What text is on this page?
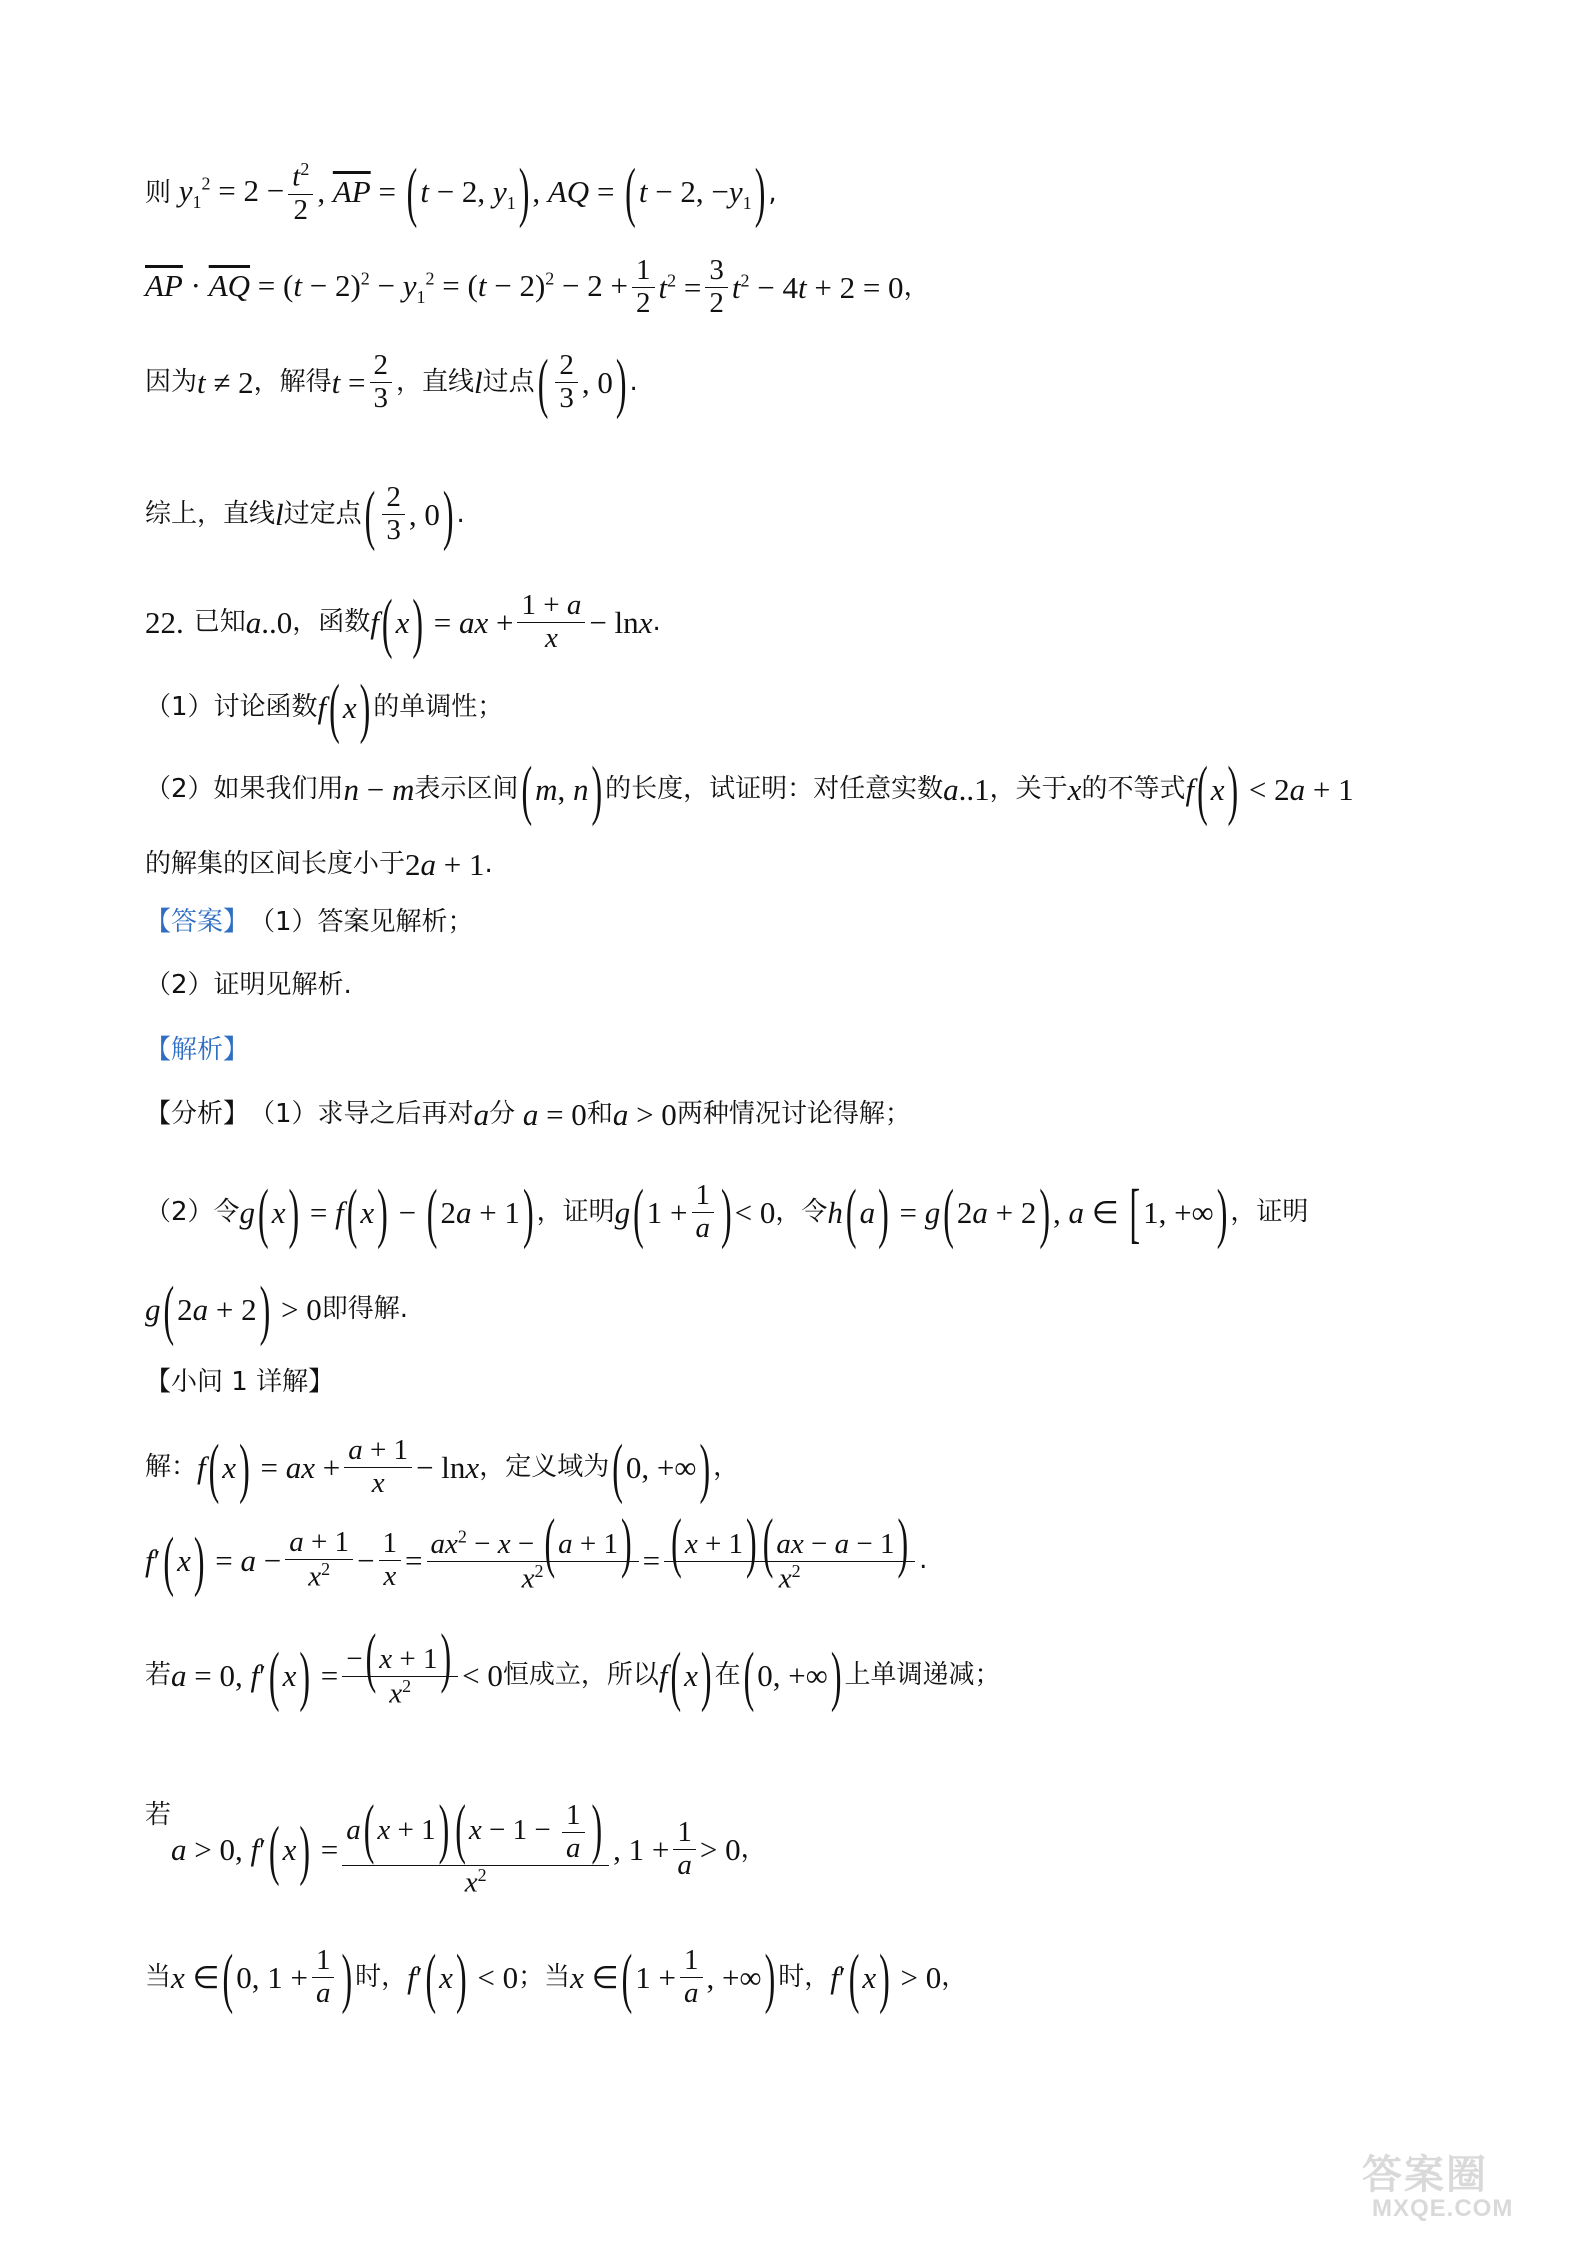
则 $y_1^2 = 2 - \frac{t^2}{2}$ , $\overline{AP} = (t - 2$, $y_1$), AQ = (t − 2, $-y_1$) ,
$\overline{AP} \cdot \overline{AQ} = (t - 2)^2 - y_1^2 = (t - 2)^2 - 2 + \frac{1}{2} t^2 = \frac{3}{2} t^2 - 4t + 2 = 0$ ，
因为 t ≠ 2 ，解得 $t = \frac{2}{3}$ ，直线 l 过点 ( $\frac{2}{3}$ , 0 ) .
综上，直线 l 过定点 ( $\frac{2}{3}$ , 0 ) .
22. 已知 a..0 ，函数 f(x) = ax + $\frac{1 + a}{x} - \ln x$ .
（1）讨论函数 f(x) 的单调性；
（2）如果我们用 n − m 表示区间 (m, n) 的长度，试证明：对任意实数 a..1 ，关于 x 的不等式 f(x) < 2a + 1
的解集的区间长度小于 2a + 1 .
【答案】 （1）答案见解析；
（2）证明见解析.
【解析】
【分析】 （1）求导之后再对 a 分 a = 0 和 a > 0 两种情况讨论得解；
（2）令 g(x) = f(x) − (2a + 1) ，证明 g ( $1 + \frac{1}{a}$ ) < 0 ，令 h(a) = g(2a + 2), a ∈ [1, +∞) ，证明
g(2a + 2) > 0 即得解.
【小问 1 详解】
解： f(x) = ax + $\frac{a + 1}{x} - \ln x$ ，定义域为 (0, +∞) ，
$f'(x) = a - \frac{a + 1}{x^2} - \frac{1}{x} = \frac{ax^2 - x - ( a + 1)}{x^2} = \frac{( x + 1) ( ax - a - 1)}{x^2}$ .
若 a = 0, $f'(x) = \frac{-( x + 1)}{x^2} < 0$ 恒成立，所以 f(x) 在 (0, +∞) 上单调递减；
若
a > 0, $f'(x) = \frac{a( x + 1) ( x - 1 - \frac{1}{a} )}{x^2}$ , $1 + \frac{1}{a} > 0$ ，
当 x ∈ ( 0, $1 + \frac{1}{a}$ ) 时， f′(x) < 0 ；当 x ∈ ( $1 + \frac{1}{a}$ , +∞ ) 时， f′(x) > 0 ，
答案圈
MXQE.COM
